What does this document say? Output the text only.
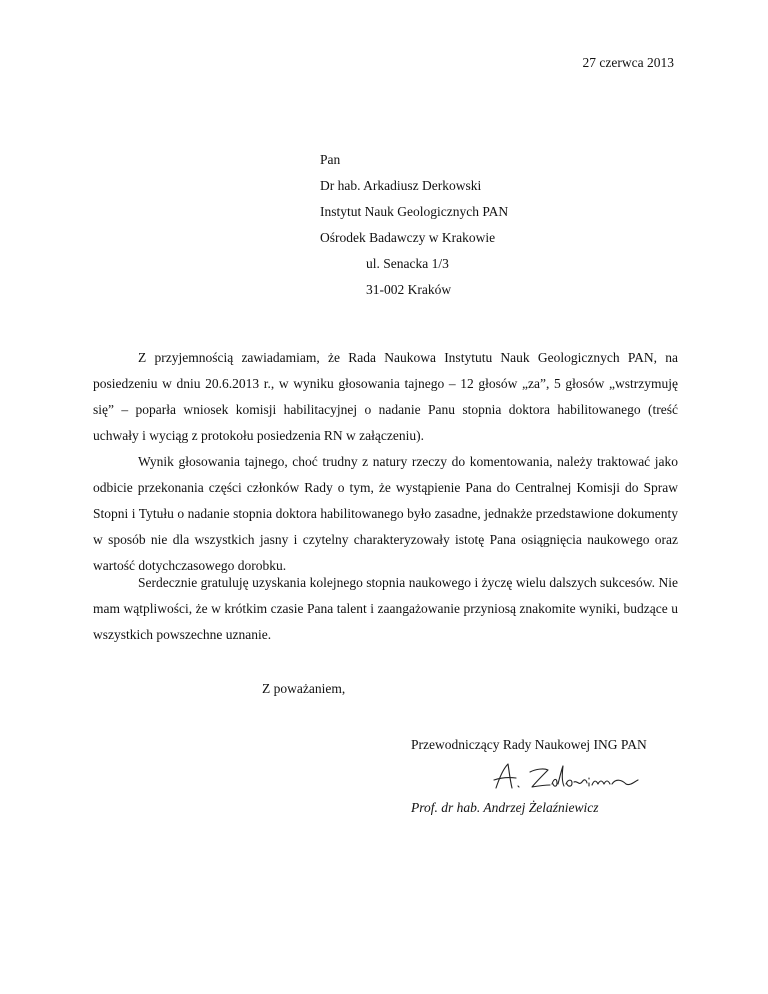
27 czerwca 2013
Pan
Dr hab. Arkadiusz Derkowski
Instytut Nauk Geologicznych PAN
Ośrodek Badawczy w Krakowie
ul. Senacka 1/3
31-002 Kraków
Z przyjemnością zawiadamiam, że Rada Naukowa Instytutu Nauk Geologicznych PAN, na posiedzeniu w dniu 20.6.2013 r., w wyniku głosowania tajnego – 12 głosów „za”, 5 głosów „wstrzymuję się” – poparła wniosek komisji habilitacyjnej o nadanie Panu stopnia doktora habilitowanego (treść uchwały i wyciąg z protokołu posiedzenia RN w załączeniu).
Wynik głosowania tajnego, choć trudny z natury rzeczy do komentowania, należy traktować jako odbicie przekonania części członków Rady o tym, że wystąpienie Pana do Centralnej Komisji do Spraw Stopni i Tytułu o nadanie stopnia doktora habilitowanego było zasadne, jednakże przedstawione dokumenty w sposób nie dla wszystkich jasny i czytelny charakteryzowały istotę Pana osiągnięcia naukowego oraz wartość dotychczasowego dorobku.
Serdecznie gratuluję uzyskania kolejnego stopnia naukowego i życzę wielu dalszych sukcesów. Nie mam wątpliwości, że w krótkim czasie Pana talent i zaangażowanie przyniosą znakomite wyniki, budzące u wszystkich powszechne uznanie.
Z poważaniem,
Przewodniczący Rady Naukowej ING PAN
Prof. dr hab. Andrzej Żelaźniewicz
